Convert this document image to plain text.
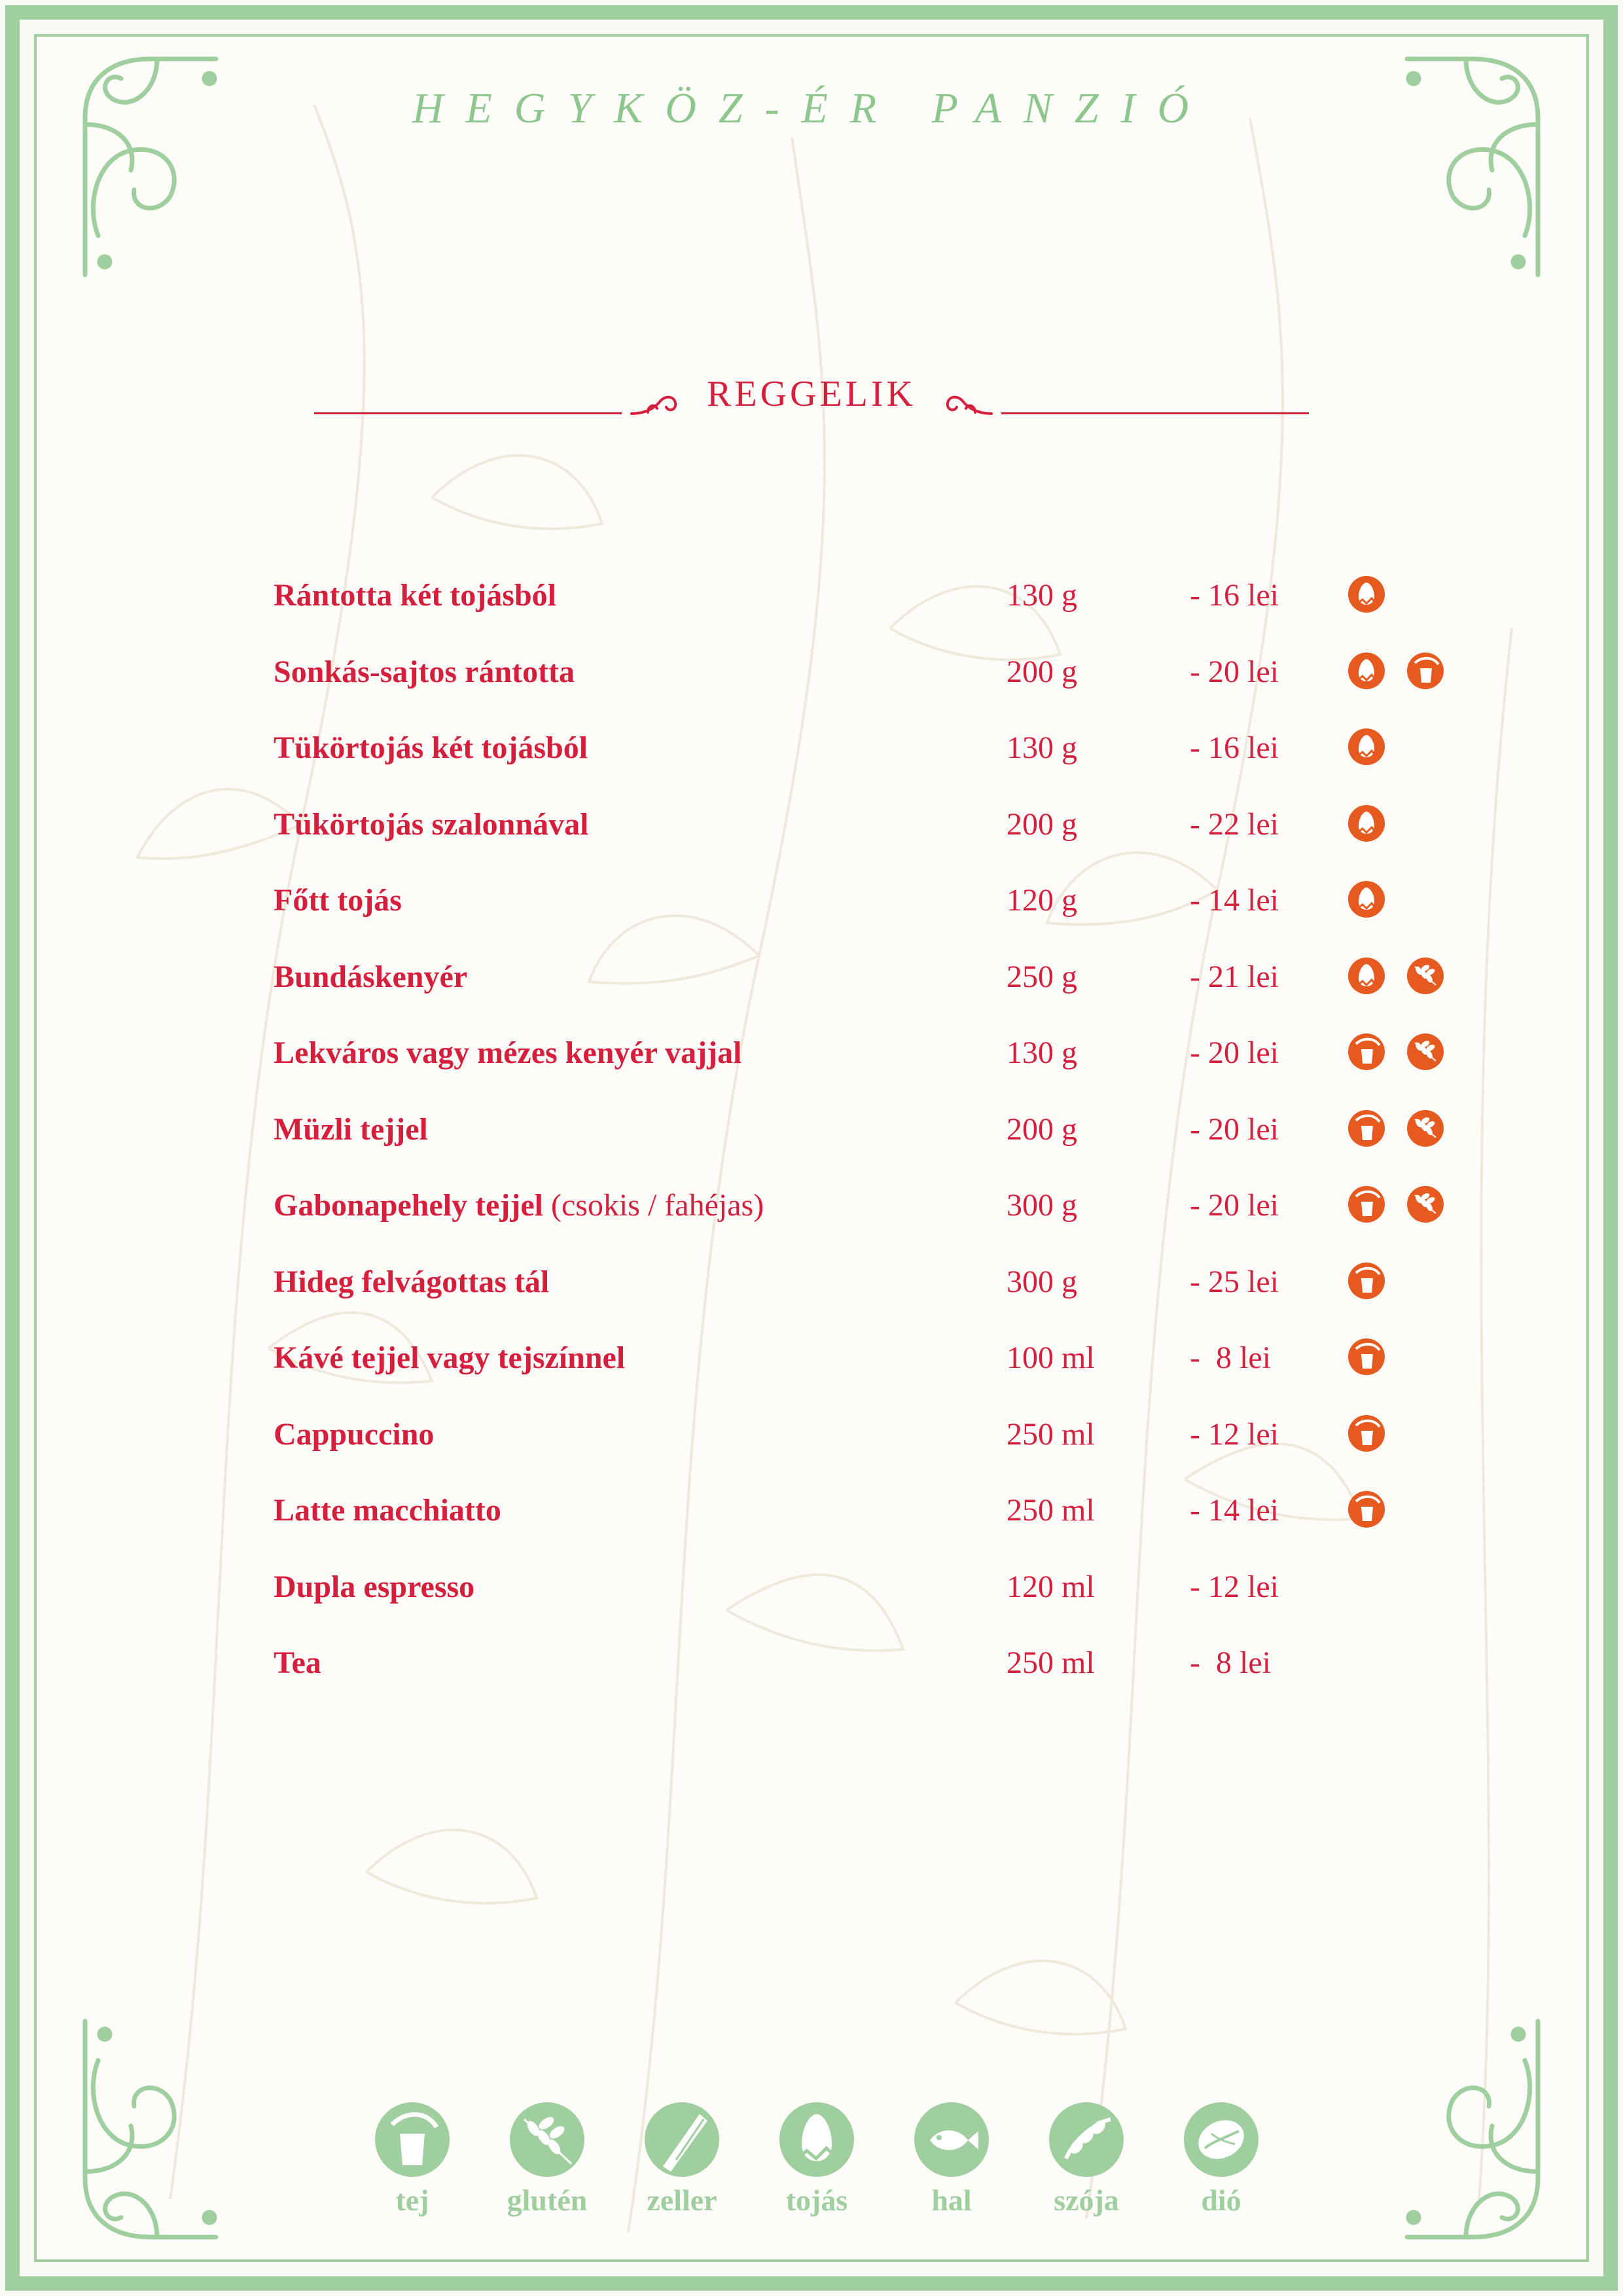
HEGYKÖZ-ÉR PANZIÓ
REGGELIK
Rántotta két tojásból	130 g	- 16 lei
Sonkás-sajtos rántotta	200 g	- 20 lei
Tükörtojás két tojásból	130 g	- 16 lei
Tükörtojás szalonnával	200 g	- 22 lei
Főtt tojás	120 g	- 14 lei
Bundáskenyér	250 g	- 21 lei
Lekváros vagy mézes kenyér vajjal	130 g	- 20 lei
Müzli tejjel	200 g	- 20 lei
Gabonapehely tejjel (csokis / fahéjas)	300 g	- 20 lei
Hideg felvágottas tál	300 g	- 25 lei
Kávé tejjel vagy tejszínnel	100 ml	-  8 lei
Cappuccino	250 ml	- 12 lei
Latte macchiatto	250 ml	- 14 lei
Dupla espresso	120 ml	- 12 lei
Tea	250 ml	-  8 lei
tej	glutén	zeller	tojás	hal	szója	dió
